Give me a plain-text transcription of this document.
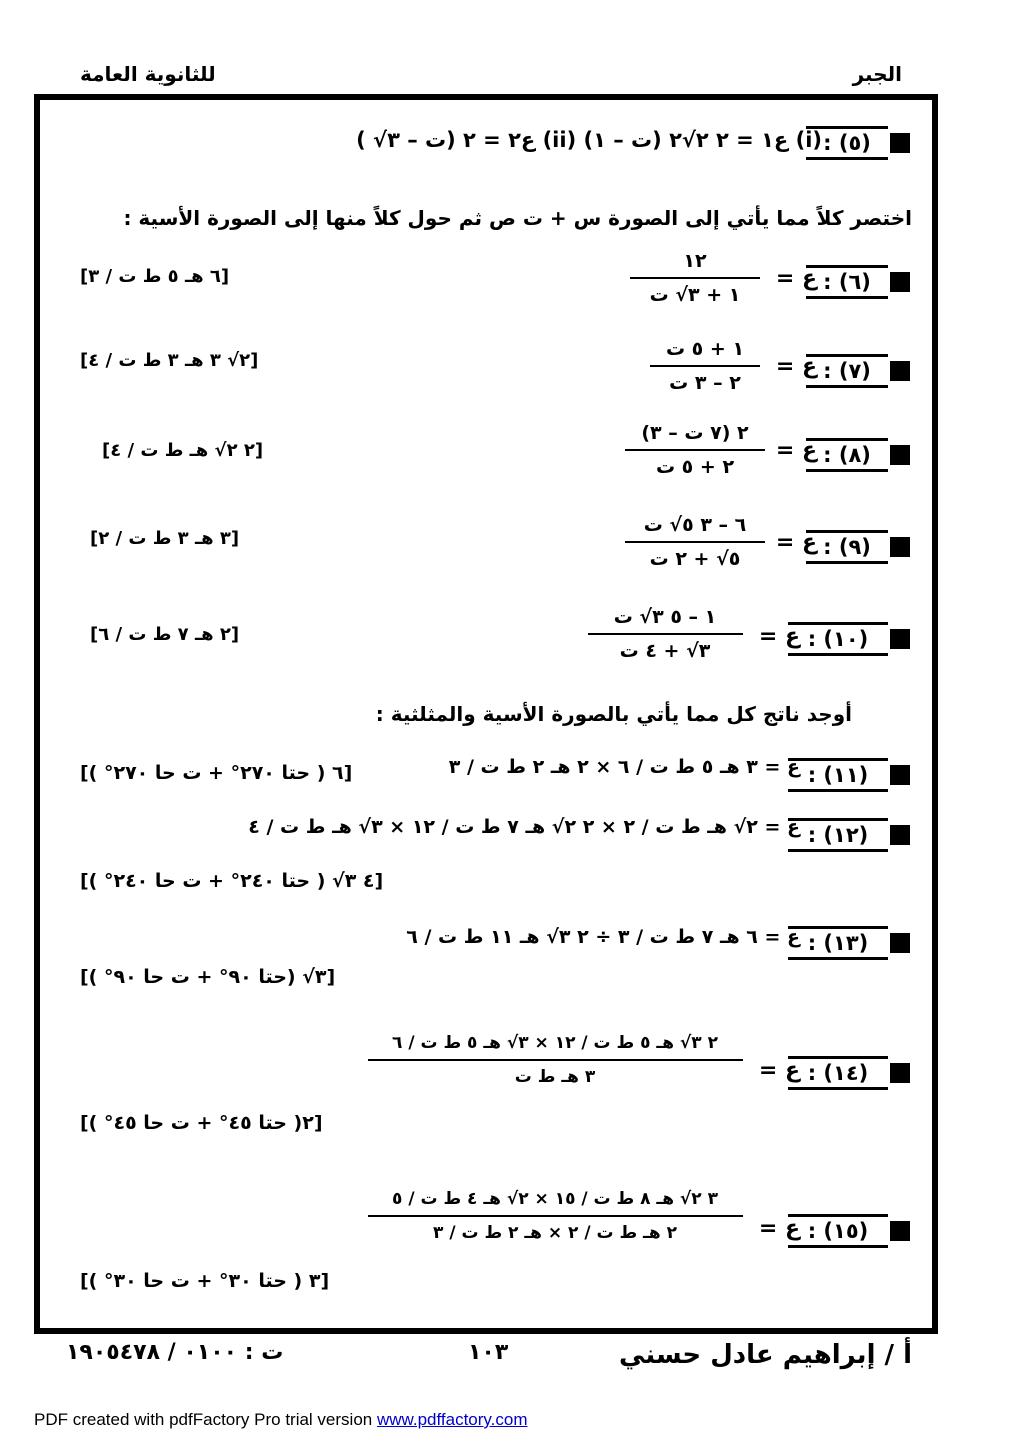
للثانوية العامة	الجبر
: (٥)
(i) ع١ = ٢ ٢√٢ (ت – ١) (ii) ع٢ = ٢ (ت – ٣√ )
اختصر كلاً مما يأتي إلى الصورة س + ت ص ثم حول كلاً منها إلى الصورة الأسية :
: (٦)
ع =
١٢
١ + ٣√ ت
[٦ هـ ٥ ط ت / ٣]
: (٧)
ع =
١ + ٥ ت
٢ – ٣ ت
[٢√ ٣ هـ ٣ ط ت / ٤]
: (٨)
ع =
٢ (٧ ت – ٣)
٢ + ٥ ت
[٢ ٢√ هـ ط ت / ٤]
: (٩)
ع =
٦ – ٣ ٥√ ت
٥√ + ٢ ت
[٣ هـ ٣ ط ت / ٢]
: (١٠)
ع =
١ – ٥ ٣√ ت
٣√ + ٤ ت
[٢ هـ ٧ ط ت / ٦]
أوجد ناتج كل مما يأتي بالصورة الأسية والمثلثية :
: (١١)
ع = ٣ هـ ٥ ط ت / ٦ × ٢ هـ ٢ ط ت / ٣
[٦ ( حتا ٢٧٠° + ت حا ٢٧٠° )]
: (١٢)
ع = ٢√ هـ ط ت / ٢ × ٢ ٢√ هـ ٧ ط ت / ١٢ × ٣√ هـ ط ت / ٤
[٤ ٣√ ( حتا ٢٤٠° + ت حا ٢٤٠° )]
: (١٣)
ع = ٦ هـ ٧ ط ت / ٣ ÷ ٢ ٣√ هـ ١١ ط ت / ٦
[٣√ (حتا ٩٠° + ت حا ٩٠° )]
: (١٤)
ع =
٢ ٣√ هـ ٥ ط ت / ١٢ × ٣√ هـ ٥ ط ت / ٦
٣ هـ ط ت
[٢( حتا ٤٥° + ت حا ٤٥° )]
: (١٥)
ع =
٣ ٢√ هـ ٨ ط ت / ١٥ × ٢√ هـ ٤ ط ت / ٥
٢ هـ ط ت / ٢ × هـ ٢ ط ت / ٣
[٣ ( حتا ٣٠° + ت حا ٣٠° )]
أ / إبراهيم عادل حسني
١٠٣
ت : ٠١٠٠ / ١٩٠٥٤٧٨
PDF created with pdfFactory Pro trial version www.pdffactory.com
